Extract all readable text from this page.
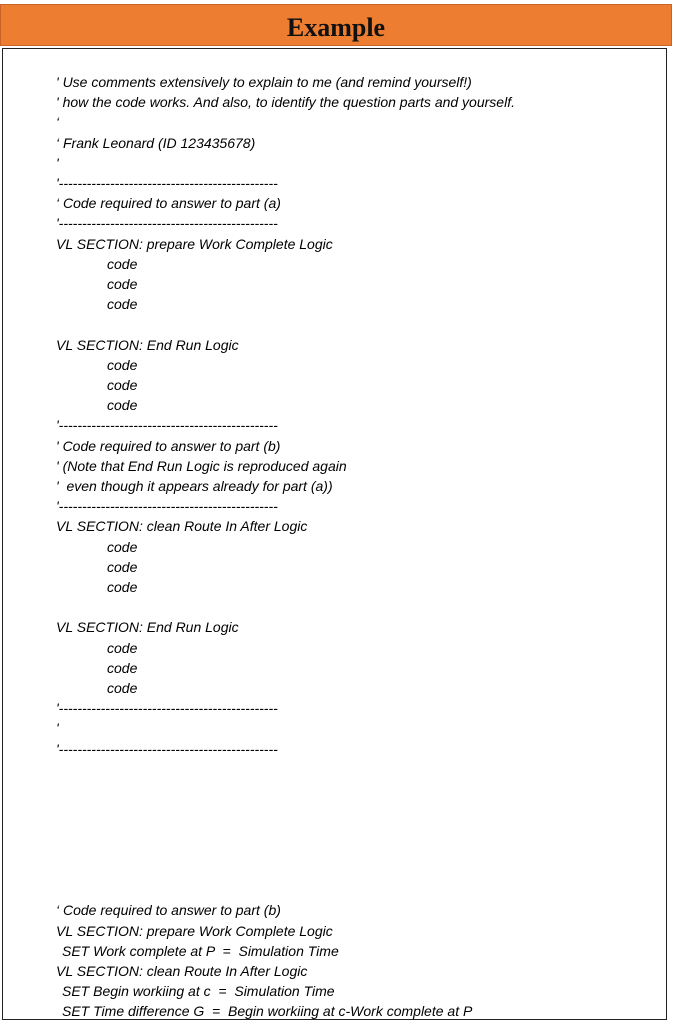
Example
' Use comments extensively to explain to me (and remind yourself!)
' how the code works. And also, to identify the question parts and yourself.
‘
‘ Frank Leonard (ID 123435678)
'
'-----------------------------------------------
‘ Code required to answer to part (a)
'-----------------------------------------------
VL SECTION: prepare Work Complete Logic
code
code
code
VL SECTION: End Run Logic
code
code
code
'-----------------------------------------------
' Code required to answer to part (b)
' (Note that End Run Logic is reproduced again
'  even though it appears already for part (a))
'-----------------------------------------------
VL SECTION: clean Route In After Logic
code
code
code
VL SECTION: End Run Logic
code
code
code
'-----------------------------------------------
'
'-----------------------------------------------
‘ Code required to answer to part (b)
VL SECTION: prepare Work Complete Logic
SET Work complete at P  =  Simulation Time
VL SECTION: clean Route In After Logic
SET Begin workiing at c  =  Simulation Time
SET Time difference G  =  Begin workiing at c-Work complete at P
